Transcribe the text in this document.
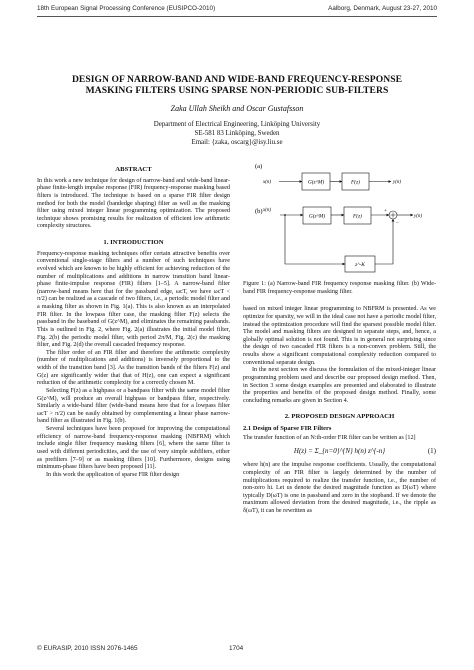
18th European Signal Processing Conference (EUSIPCO-2010)	Aalborg, Denmark, August 23-27, 2010
DESIGN OF NARROW-BAND AND WIDE-BAND FREQUENCY-RESPONSE
MASKING FILTERS USING SPARSE NON-PERIODIC SUB-FILTERS
Zaka Ullah Sheikh and Oscar Gustafsson
Department of Electrical Engineering, Linköping University
SE-581 83 Linköping, Sweden
Email: {zaka, oscarg}@isy.liu.se

ABSTRACT

In this work a new technique for design of narrow-band and wide-band linear-phase finite-length impulse response (FIR) frequency-response masking based filters is introduced. The technique is based on a sparse FIR filter design method for both the model (bandedge shaping) filter as well as the masking filter using mixed integer linear programming optimization. The proposed technique shows promising results for realization of efficient low arithmetic complexity structures.

1. INTRODUCTION

Frequency-response masking techniques offer certain attractive benefits over conventional single-stage filters and a number of such techniques have evolved which are known to be highly efficient for achieving reduction of the number of multiplications and additions in narrow transition band linear-phase finite-impulse response (FIR) filters [1–5]. A narrow-band filter (narrow-band means here that for the passband edge, ωcT, we have ωcT < π/2) can be realized as a cascade of two filters, i.e., a periodic model filter and a masking filter as shown in Fig. 1(a). This is also known as an interpolated FIR filter. In the lowpass filter case, the masking filter F(z) selects the passband in the baseband of G(z^M), and eliminates the remaining passbands. This is outlined in Fig. 2, where Fig. 2(a) illustrates the initial model filter, Fig. 2(b) the periodic model filter, with period 2π/M, Fig. 2(c) the masking filter, and Fig. 2(d) the overall cascaded frequency response.

The filter order of an FIR filter and therefore the arithmetic complexity (number of multiplications and additions) is inversely proportional to the width of the transition band [3]. As the transition bands of the filters F(z) and G(z) are significantly wider that that of H(z), one can expect a significant reduction of the arithmetic complexity for a correctly chosen M.

Selecting F(z) as a highpass or a bandpass filter with the same model filter G(z^M), will produce an overall highpass or bandpass filter, respectively. Similarly a wide-band filter (wide-band means here that for a lowpass filter ωcT > π/2) can be easily obtained by complementing a linear phase narrow-band filter as illustrated in Fig. 1(b).

Several techniques have been proposed for improving the computational efficiency of narrow-band frequency-response masking (NBFRM) which include single filter frequency masking filters [6], where the same filter is used with different periodicities, and the use of very simple subfilters, either as prefilters [7–9] or as masking filters [10]. Furthermore, designs using minimum-phase filters have been proposed [11].

In this work the application of sparse FIR filter design

(a)
x(n)	G(z^M)	F(z)	y(n)
(b) x(n)
G(z^M)	F(z)
+
−
y(n)
z^-K

Figure 1: (a) Narrow-band FIR frequency response masking filter. (b) Wide-band FIR frequency-response masking filter.

based on mixed integer linear programming to NBFRM is presented. As we optimize for sparsity, we will in the ideal case not have a periodic model filter, instead the optimization procedure will find the sparsest possible model filter. The model and masking filters are designed in separate steps, and, hence, a globally optimal solution is not found. This is in general not surprising since the design of two cascaded FIR filters is a non-convex problem. Still, the results show a significant computational complexity reduction compared to conventional separate design.

In the next section we discuss the formulation of the mixed-integer linear programming problem used and describe our proposed design method. Then, in Section 3 some design examples are presented and elaborated to illustrate the properties and benefits of the proposed design method. Finally, some concluding remarks are given in Section 4.

2. PROPOSED DESIGN APPROACH

2.1 Design of Sparse FIR Filters

The transfer function of an N:th-order FIR filter can be written as [12]

H(z) = Σ_{n=0}^{N} h(n) z^{-n}	(1)

where h(n) are the impulse response coefficients. Usually, the computational complexity of an FIR filter is largely determined by the number of multiplications required to realize the transfer function, i.e., the number of non-zero hi. Let us denote the desired magnitude function as D(ωT) where typically D(ωT) is one in passband and zero in the stopband. If we denote the maximum allowed deviation from the desired magnitude, i.e., the ripple as δ(ωT), it can be rewritten as

© EURASIP, 2010 ISSN 2076-1465	1704
